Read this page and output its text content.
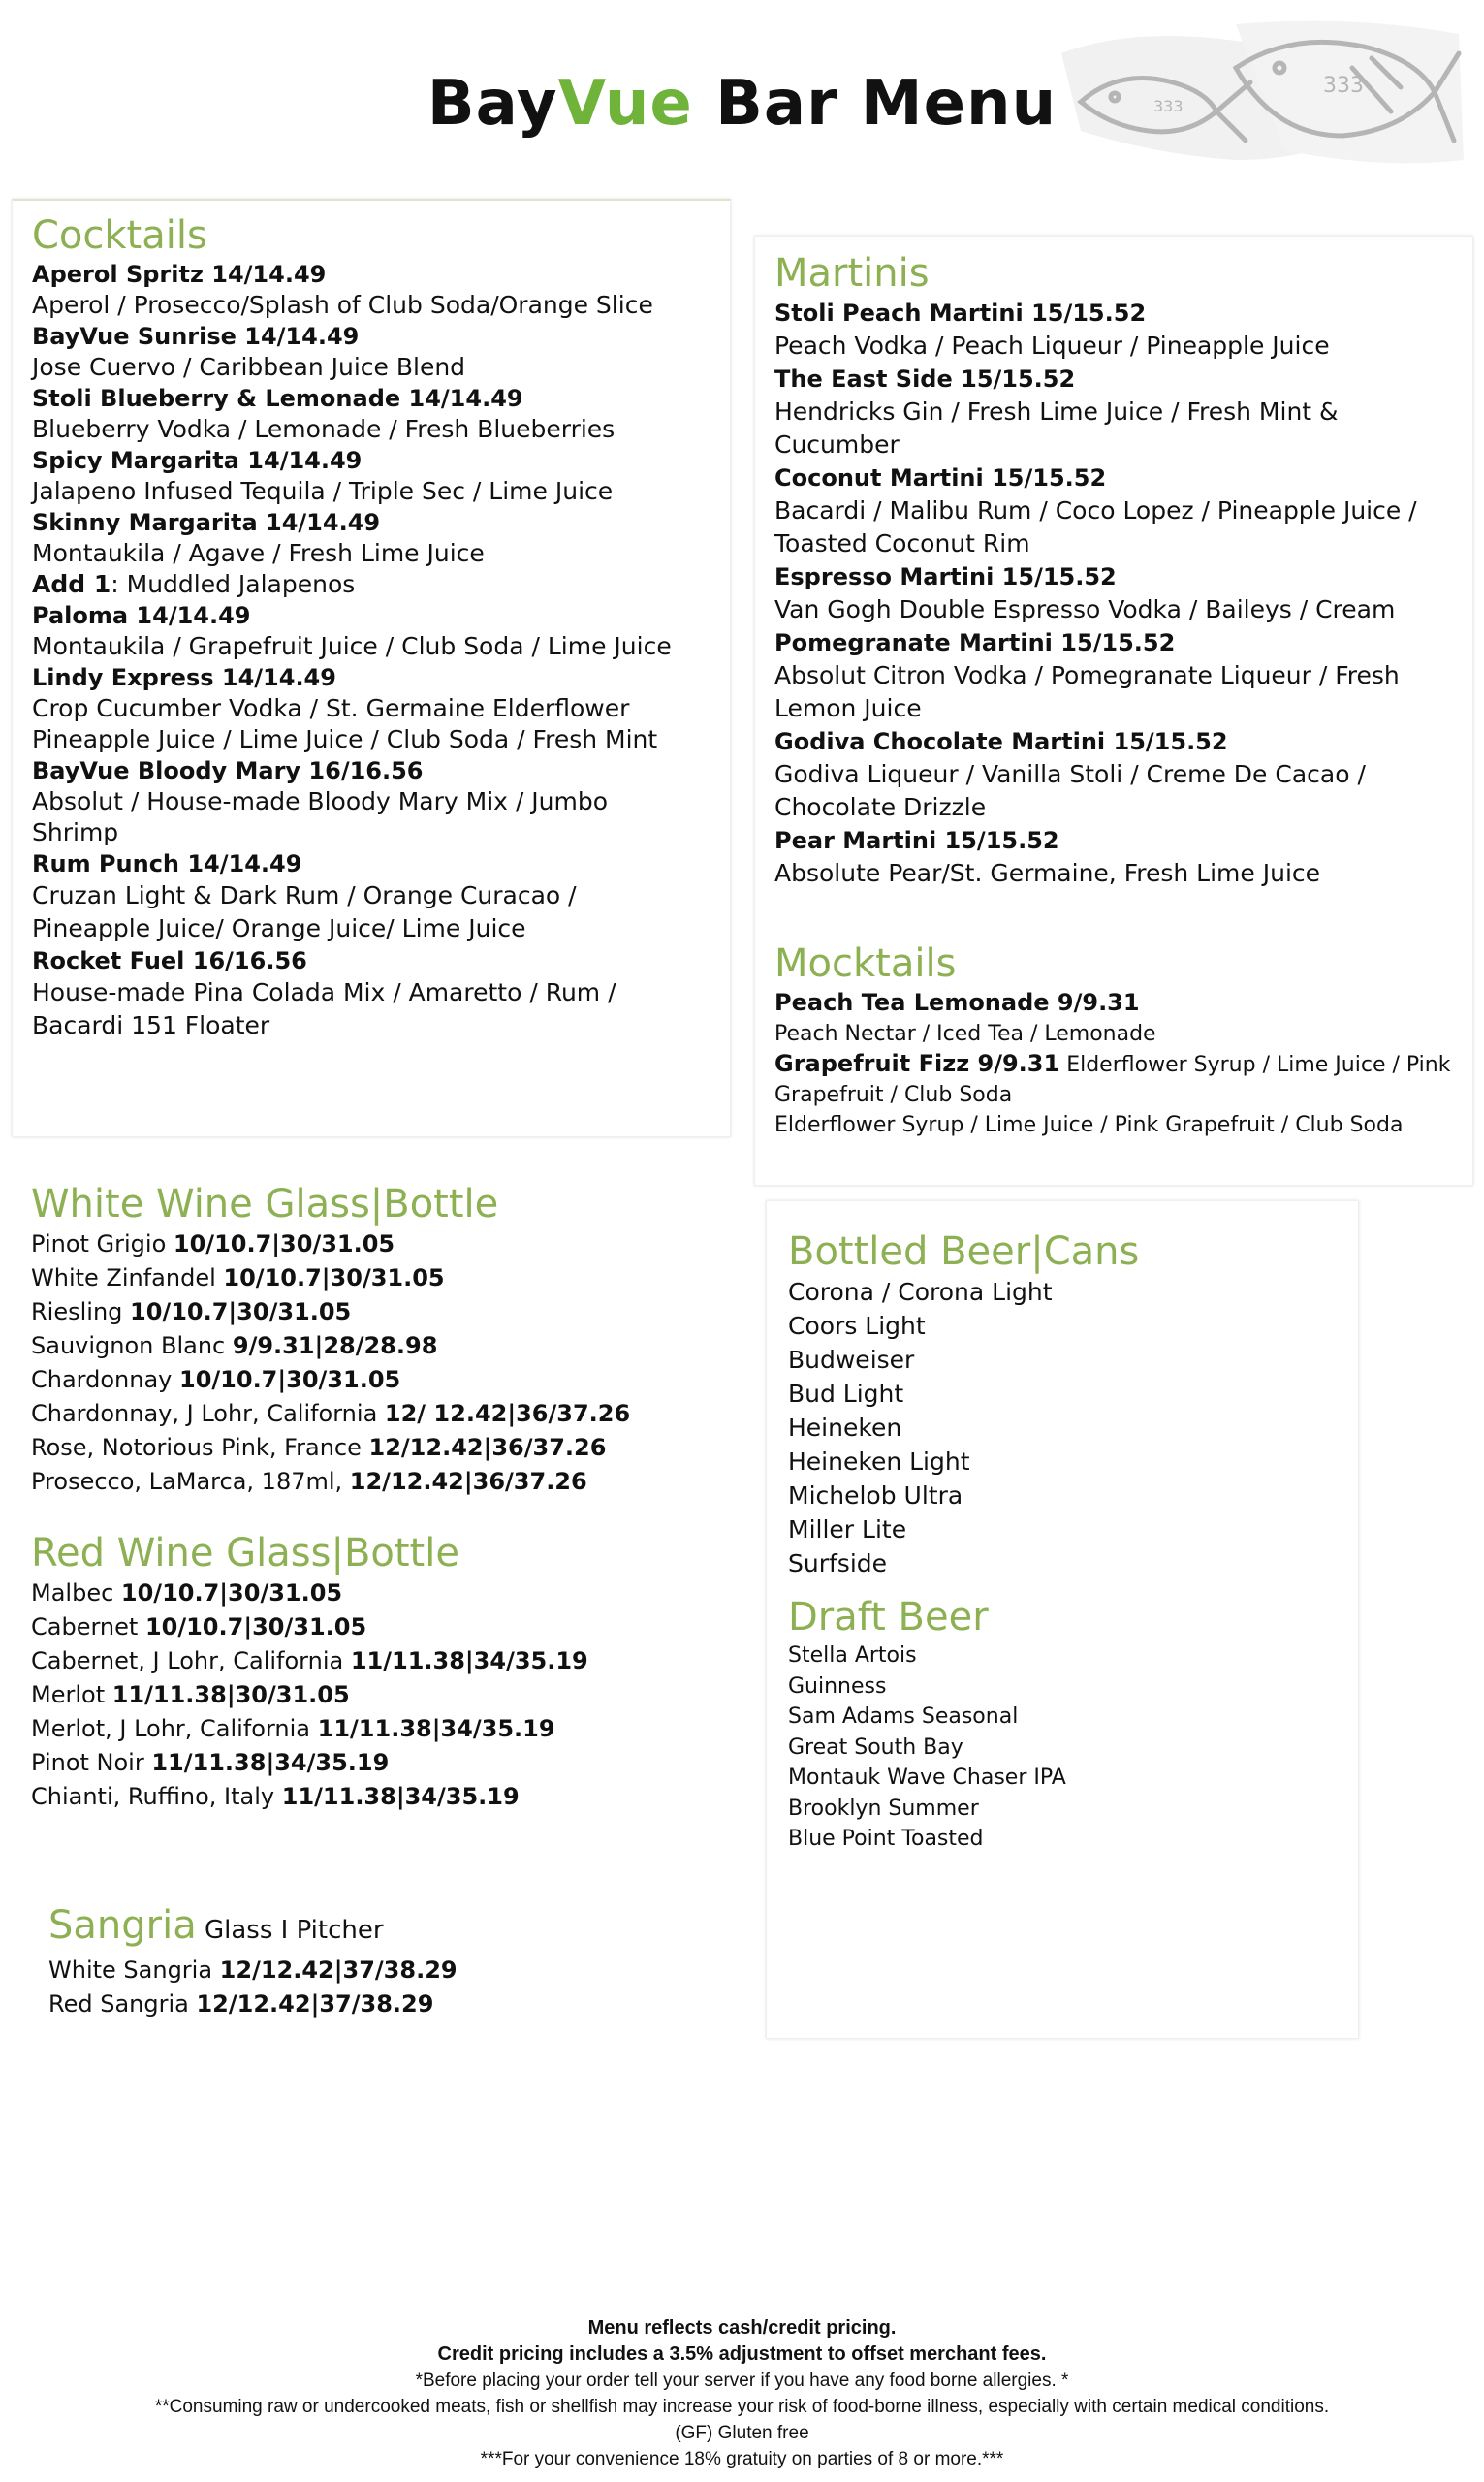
BayVue Bar Menu	333
333
Cocktails
Aperol Spritz 14/14.49
Aperol / Prosecco/Splash of Club Soda/Orange Slice
BayVue Sunrise 14/14.49
Jose Cuervo / Caribbean Juice Blend
Stoli Blueberry & Lemonade 14/14.49
Blueberry Vodka / Lemonade / Fresh Blueberries
Spicy Margarita 14/14.49
Jalapeno Infused Tequila / Triple Sec / Lime Juice
Skinny Margarita 14/14.49
Montaukila / Agave / Fresh Lime Juice
Add 1: Muddled Jalapenos
Paloma 14/14.49
Montaukila / Grapefruit Juice / Club Soda / Lime Juice
Lindy Express 14/14.49
Crop Cucumber Vodka / St. Germaine Elderflower Pineapple Juice / Lime Juice / Club Soda / Fresh Mint
BayVue Bloody Mary 16/16.56
Absolut / House-made Bloody Mary Mix / Jumbo Shrimp
Rum Punch 14/14.49
Cruzan Light & Dark Rum / Orange Curacao / Pineapple Juice/ Orange Juice/ Lime Juice
Rocket Fuel 16/16.56
House-made Pina Colada Mix / Amaretto / Rum / Bacardi 151 Floater
Martinis
Stoli Peach Martini 15/15.52
Peach Vodka / Peach Liqueur / Pineapple Juice
The East Side 15/15.52
Hendricks Gin / Fresh Lime Juice / Fresh Mint & Cucumber
Coconut Martini 15/15.52
Bacardi / Malibu Rum / Coco Lopez / Pineapple Juice / Toasted Coconut Rim
Espresso Martini 15/15.52
Van Gogh Double Espresso Vodka / Baileys / Cream
Pomegranate Martini 15/15.52
Absolut Citron Vodka / Pomegranate Liqueur / Fresh Lemon Juice
Godiva Chocolate Martini 15/15.52
Godiva Liqueur / Vanilla Stoli / Creme De Cacao / Chocolate Drizzle
Pear Martini 15/15.52
Absolute Pear/St. Germaine, Fresh Lime Juice
Mocktails
Peach Tea Lemonade 9/9.31
Peach Nectar / Iced Tea / Lemonade
Grapefruit Fizz 9/9.31 Elderflower Syrup / Lime Juice / Pink Grapefruit / Club Soda
Elderflower Syrup / Lime Juice / Pink Grapefruit / Club Soda
White Wine Glass|Bottle
Pinot Grigio 10/10.7|30/31.05
White Zinfandel 10/10.7|30/31.05
Riesling 10/10.7|30/31.05
Sauvignon Blanc 9/9.31|28/28.98
Chardonnay 10/10.7|30/31.05
Chardonnay, J Lohr, California 12/ 12.42|36/37.26
Rose, Notorious Pink, France 12/12.42|36/37.26
Prosecco, LaMarca, 187ml, 12/12.42|36/37.26
Red Wine Glass|Bottle
Malbec 10/10.7|30/31.05
Cabernet 10/10.7|30/31.05
Cabernet, J Lohr, California 11/11.38|34/35.19
Merlot 11/11.38|30/31.05
Merlot, J Lohr, California 11/11.38|34/35.19
Pinot Noir 11/11.38|34/35.19
Chianti, Ruffino, Italy 11/11.38|34/35.19
Sangria Glass I Pitcher
White Sangria 12/12.42|37/38.29
Red Sangria 12/12.42|37/38.29
Bottled Beer|Cans
Corona / Corona Light
Coors Light
Budweiser
Bud Light
Heineken
Heineken Light
Michelob Ultra
Miller Lite
Surfside
Draft Beer
Stella Artois
Guinness
Sam Adams Seasonal
Great South Bay
Montauk Wave Chaser IPA
Brooklyn Summer
Blue Point Toasted
Menu reflects cash/credit pricing.
Credit pricing includes a 3.5% adjustment to offset merchant fees.
*Before placing your order tell your server if you have any food borne allergies. *
**Consuming raw or undercooked meats, fish or shellfish may increase your risk of food-borne illness, especially with certain medical conditions.
(GF) Gluten free
***For your convenience 18% gratuity on parties of 8 or more.***
